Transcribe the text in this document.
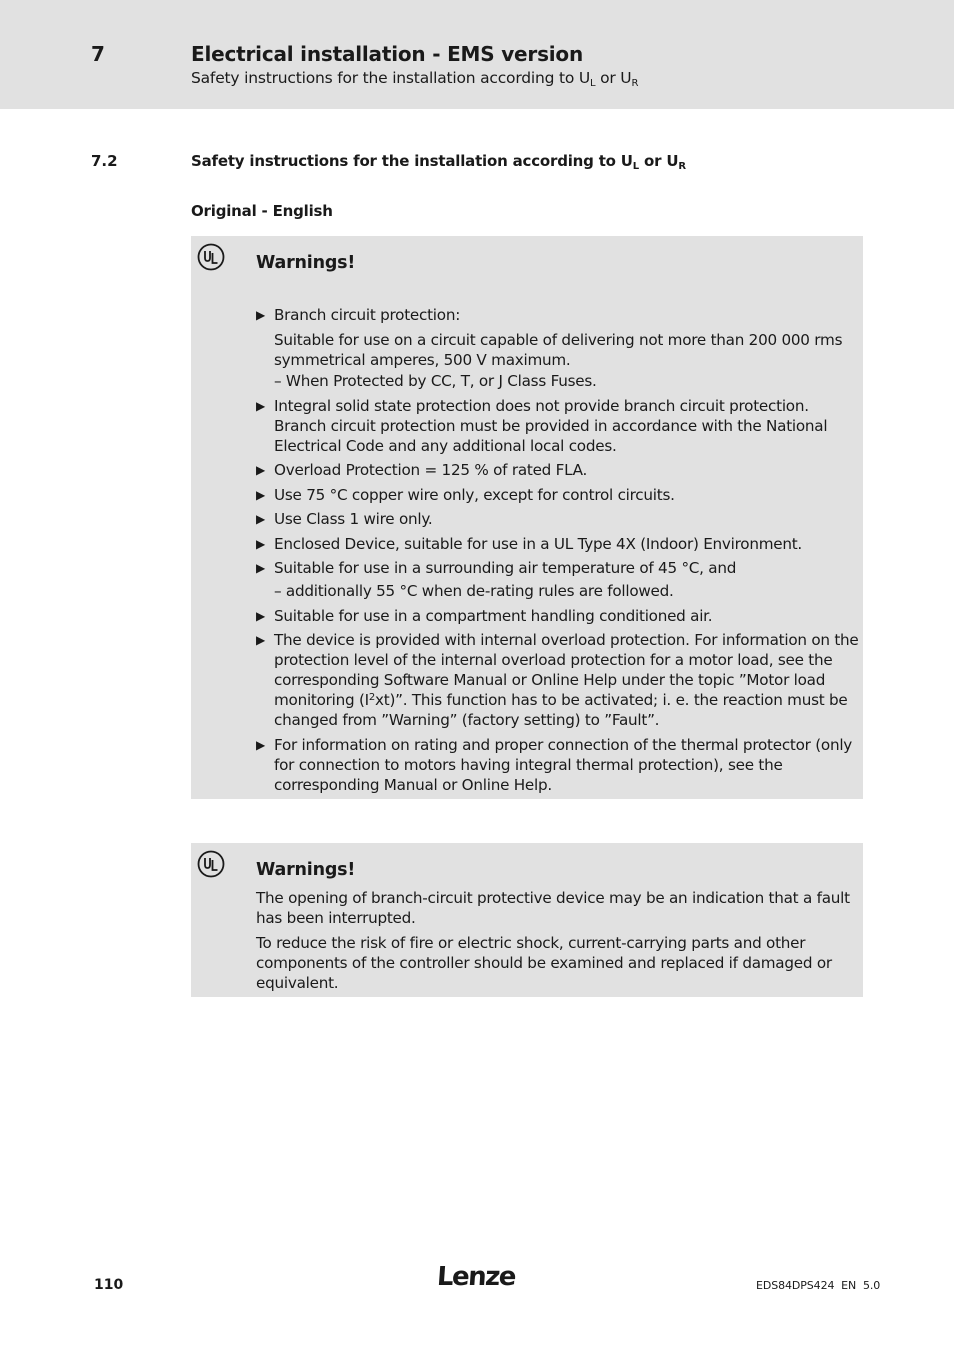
7	Electrical installation - EMS version
Safety instructions for the installation according to $U_L$ or $U_R$
7.2	Safety instructions for the installation according to $U_L$ or $U_R$
Original - English
Warnings!
▶ Branch circuit protection:
Suitable for use on a circuit capable of delivering not more than 200 000 rms symmetrical amperes, 500 V maximum.
– When Protected by CC, T, or J Class Fuses.
▶ Integral solid state protection does not provide branch circuit protection. Branch circuit protection must be provided in accordance with the National Electrical Code and any additional local codes.
▶ Overload Protection = 125 % of rated FLA.
▶ Use 75 °C copper wire only, except for control circuits.
▶ Use Class 1 wire only.
▶ Enclosed Device, suitable for use in a UL Type 4X (Indoor) Environment.
▶ Suitable for use in a surrounding air temperature of 45 °C, and
– additionally 55 °C when de-rating rules are followed.
▶ Suitable for use in a compartment handling conditioned air.
▶ The device is provided with internal overload protection. For information on the protection level of the internal overload protection for a motor load, see the corresponding Software Manual or Online Help under the topic ”Motor load monitoring $(I^2xt)$”. This function has to be activated; i. e. the reaction must be changed from ”Warning” (factory setting) to ”Fault”.
▶ For information on rating and proper connection of the thermal protector (only for connection to motors having integral thermal protection), see the corresponding Manual or Online Help.
Warnings!

The opening of branch-circuit protective device may be an indication that a fault has been interrupted.

To reduce the risk of fire or electric shock, current-carrying parts and other components of the controller should be examined and replaced if damaged or equivalent.

110	Lenze	EDS84DPS424  EN  5.0
